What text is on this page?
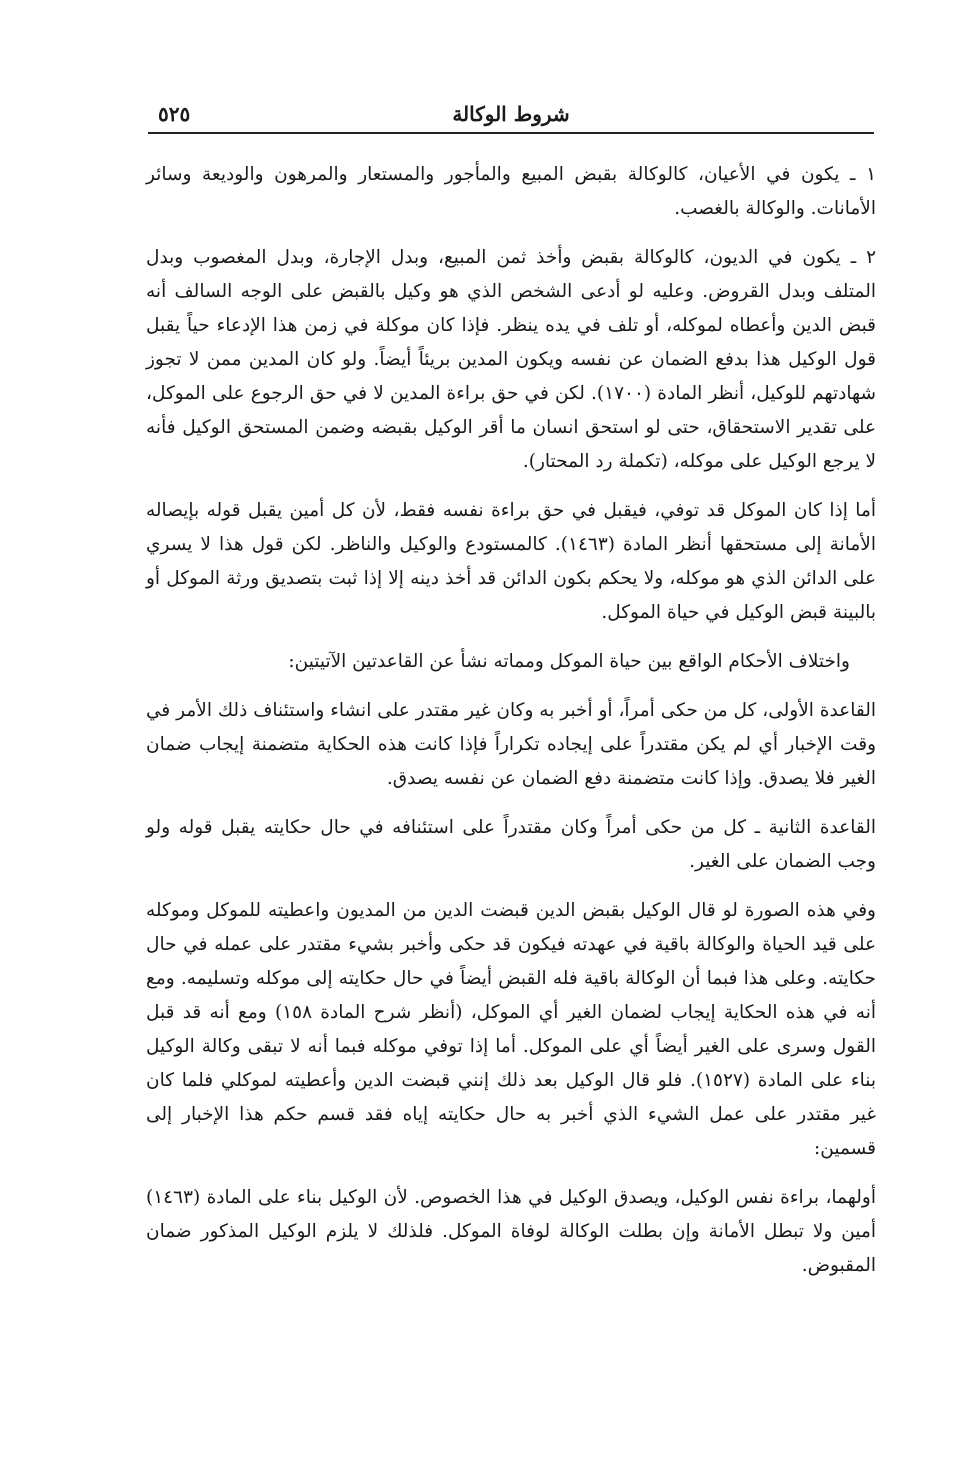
شروط الوكالة
٥٢٥

١ ـ يكون في الأعيان، كالوكالة بقبض المبيع والمأجور والمستعار والمرهون والوديعة وسائر الأمانات. والوكالة بالغصب.

٢ ـ يكون في الديون، كالوكالة بقبض وأخذ ثمن المبيع، وبدل الإجارة، وبدل المغصوب وبدل المتلف وبدل القروض. وعليه لو أدعى الشخص الذي هو وكيل بالقبض على الوجه السالف أنه قبض الدين وأعطاه لموكله، أو تلف في يده ينظر. فإذا كان موكلة في زمن هذا الإدعاء حياً يقبل قول الوكيل هذا بدفع الضمان عن نفسه ويكون المدين بريئاً أيضاً. ولو كان المدين ممن لا تجوز شهادتهم للوكيل، أنظر المادة (١٧٠٠). لكن في حق براءة المدين لا في حق الرجوع على الموكل، على تقدير الاستحقاق، حتى لو استحق انسان ما أقر الوكيل بقبضه وضمن المستحق الوكيل فأنه لا يرجع الوكيل على موكله، (تكملة رد المحتار).

أما إذا كان الموكل قد توفي، فيقبل في حق براءة نفسه فقط، لأن كل أمين يقبل قوله بإيصاله الأمانة إلى مستحقها أنظر المادة (١٤٦٣). كالمستودع والوكيل والناظر. لكن قول هذا لا يسري على الدائن الذي هو موكله، ولا يحكم بكون الدائن قد أخذ دينه إلا إذا ثبت بتصديق ورثة الموكل أو بالبينة قبض الوكيل في حياة الموكل.

واختلاف الأحكام الواقع بين حياة الموكل ومماته نشأ عن القاعدتين الآتيتين:

القاعدة الأولى، كل من حكى أمراً، أو أخبر به وكان غير مقتدر على انشاء واستئناف ذلك الأمر في وقت الإخبار أي لم يكن مقتدراً على إيجاده تكراراً فإذا كانت هذه الحكاية متضمنة إيجاب ضمان الغير فلا يصدق. وإذا كانت متضمنة دفع الضمان عن نفسه يصدق.

القاعدة الثانية ـ كل من حكى أمراً وكان مقتدراً على استئنافه في حال حكايته يقبل قوله ولو وجب الضمان على الغير.

وفي هذه الصورة لو قال الوكيل بقبض الدين قبضت الدين من المديون واعطيته للموكل وموكله على قيد الحياة والوكالة باقية في عهدته فيكون قد حكى وأخبر بشيء مقتدر على عمله في حال حكايته. وعلى هذا فبما أن الوكالة باقية فله القبض أيضاً في حال حكايته إلى موكله وتسليمه. ومع أنه في هذه الحكاية إيجاب لضمان الغير أي الموكل، (أنظر شرح المادة ١٥٨) ومع أنه قد قبل القول وسرى على الغير أيضاً أي على الموكل. أما إذا توفي موكله فبما أنه لا تبقى وكالة الوكيل بناء على المادة (١٥٢٧). فلو قال الوكيل بعد ذلك إنني قبضت الدين وأعطيته لموكلي فلما كان غير مقتدر على عمل الشيء الذي أخبر به حال حكايته إياه فقد قسم حكم هذا الإخبار إلى قسمين:

أولهما، براءة نفس الوكيل، ويصدق الوكيل في هذا الخصوص. لأن الوكيل بناء على المادة (١٤٦٣) أمين ولا تبطل الأمانة وإن بطلت الوكالة لوفاة الموكل. فلذلك لا يلزم الوكيل المذكور ضمان المقبوض.
